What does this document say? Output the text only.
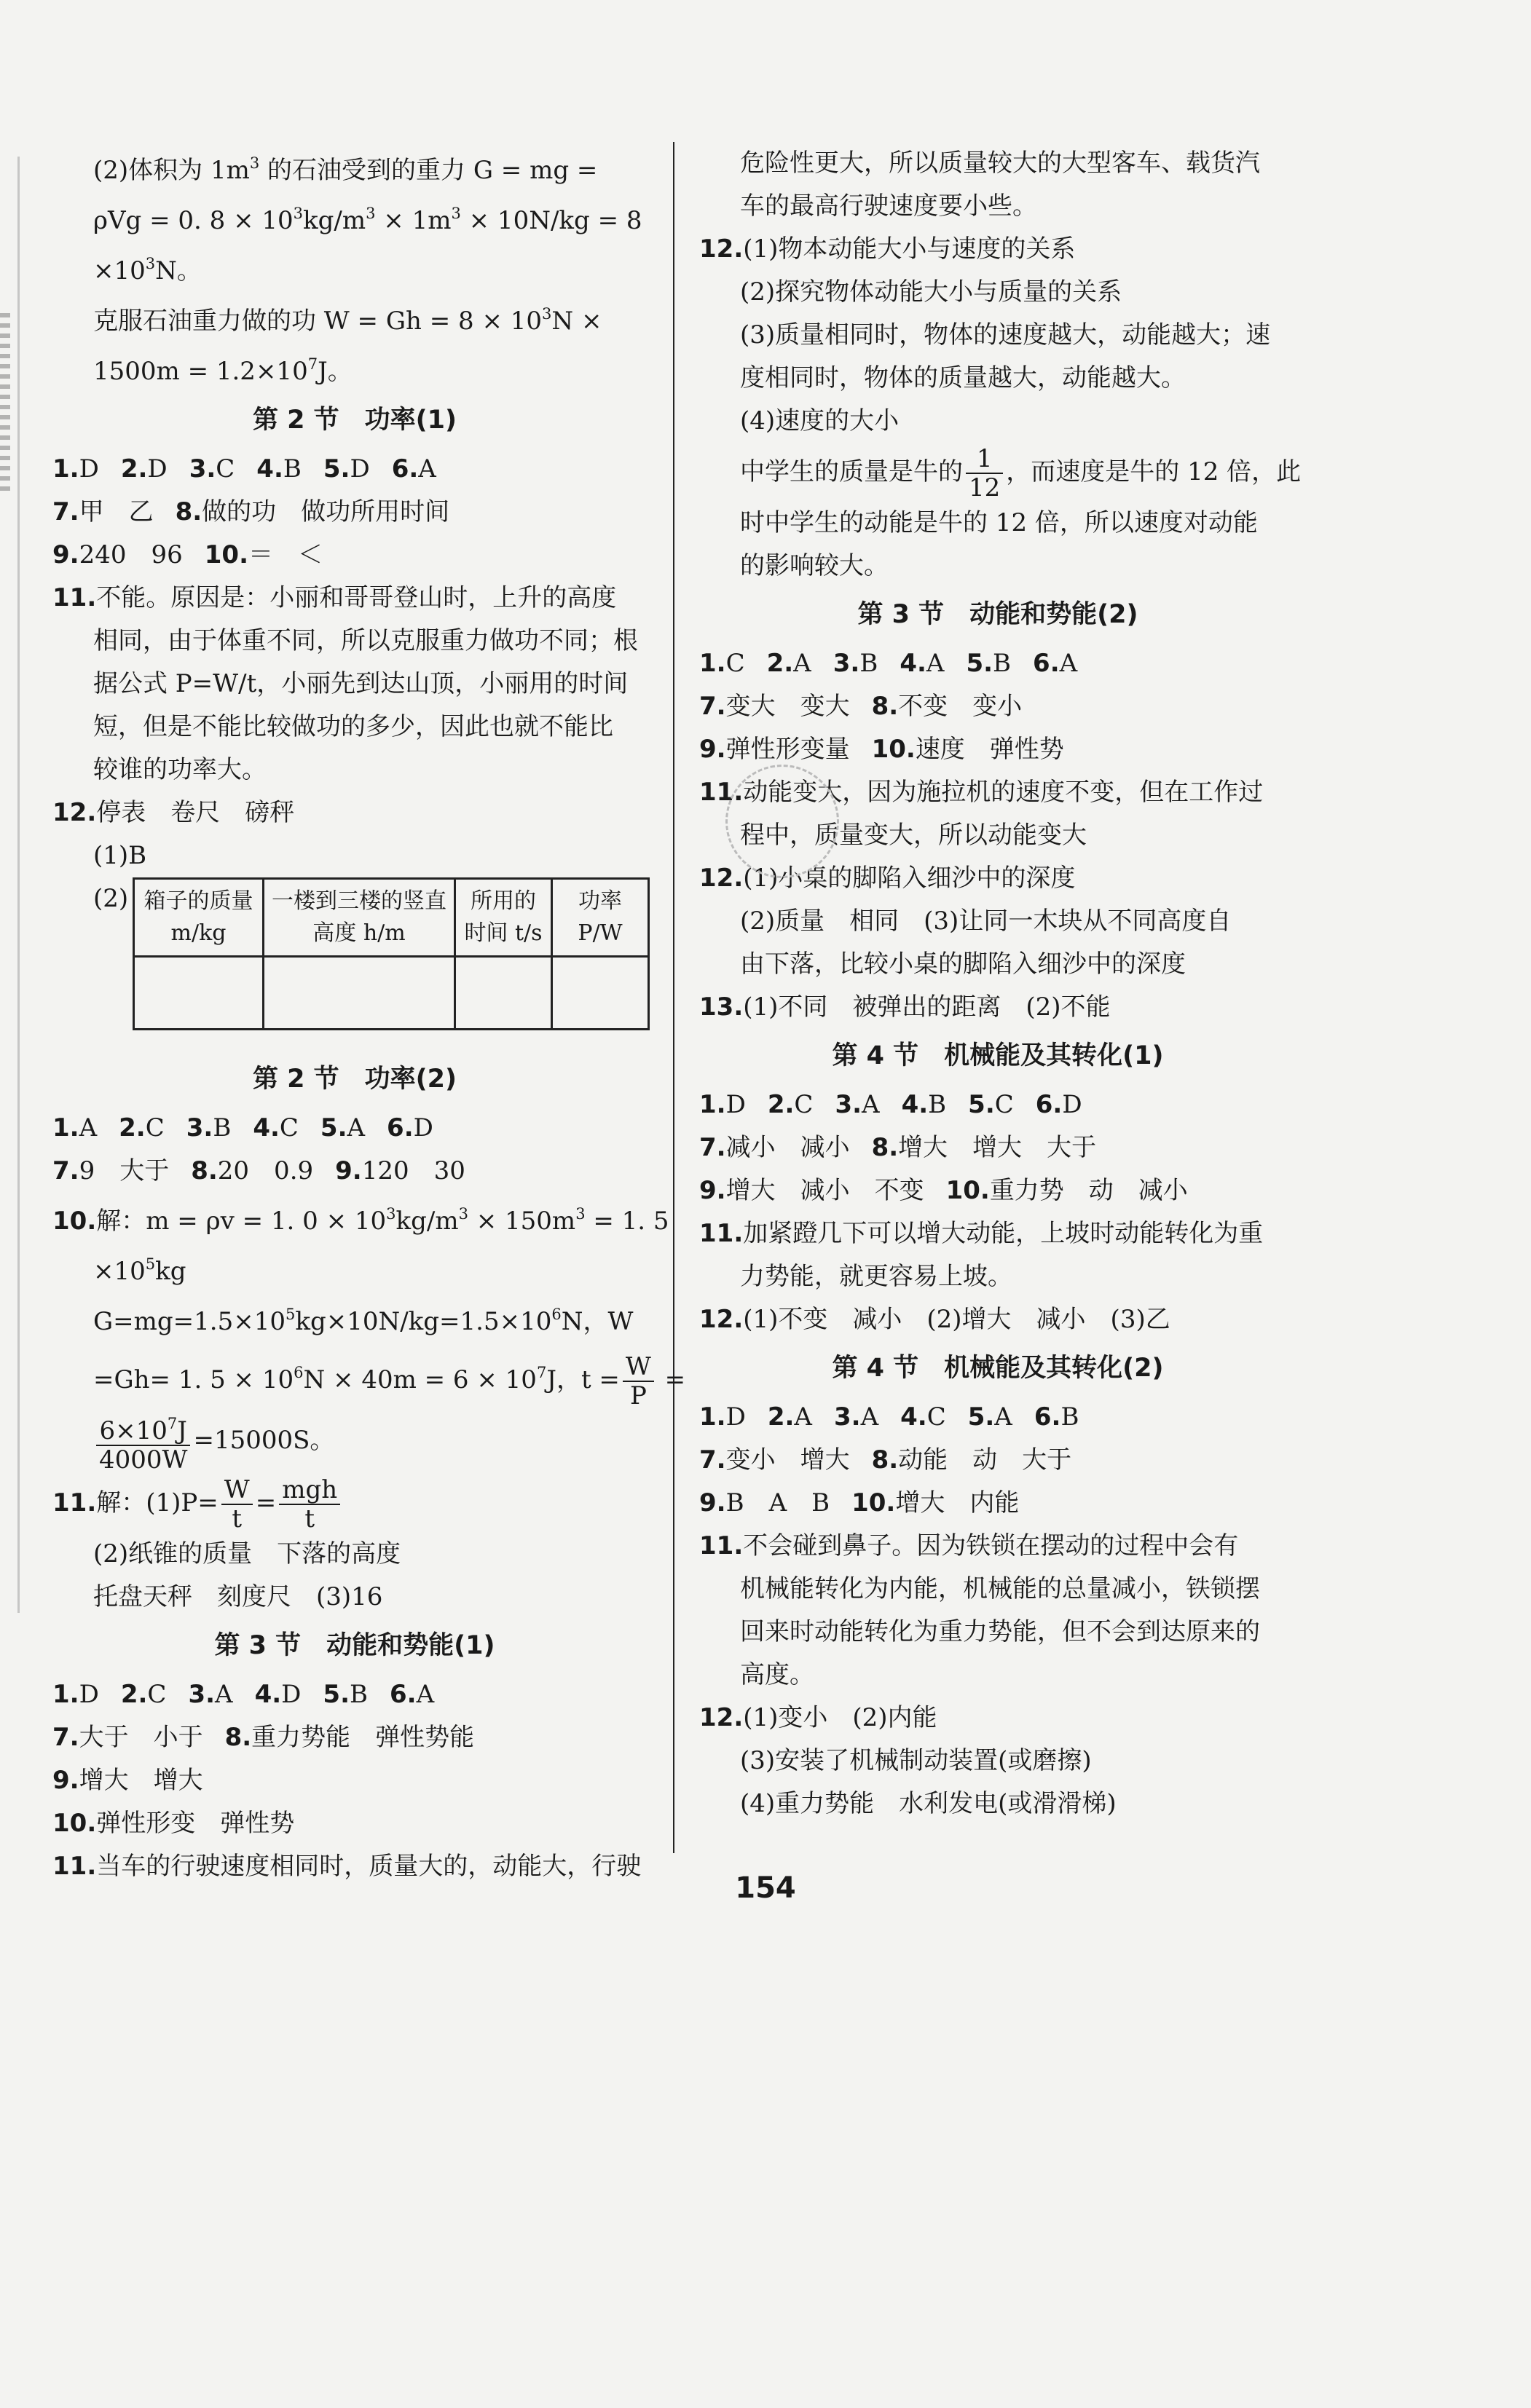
(2)体积为 $1m^3$ 的石油受到的重力 G = mg =
ρVg = 0. $8 \times 10^3kg/m^3 \times 1m^3 \times 10N/kg = 8$
$\times 10^3N$。
克服石油重力做的功 $W = Gh = 8 \times 10^3N$ ×
$1500m = 1.2\times 10^7J$。
第 2 节　功率(1)
1.D 2.D 3.C 4.B 5.D 6.A
7.甲　乙 8.做的功　做功所用时间
9.240　96 10.＝　＜
11.不能。原因是：小丽和哥哥登山时，上升的高度
相同，由于体重不同，所以克服重力做功不同；根
据公式 P=W/t，小丽先到达山顶，小丽用的时间
短，但是不能比较做功的多少，因此也就不能比
较谁的功率大。
12.停表　卷尺　磅秤
(1)B
(2) 箱子的质量 m/kg	一楼到三楼的竖直高度 h/m	所用的时间 t/s	功率 P/W

第 2 节　功率(2)
1.A 2.C 3.B 4.C 5.A 6.D
7.9　大于 8.20　0.9 9.120　30
10.解：m = ρv = 1. $0 \times 10^3kg/m^3 \times 150m^3 = 1$. 5
$\times 10^5kg$
$G=mg=1.5\times 10^5kg\times 10N/kg=1.5\times 10^6N$，W
=Gh= 1. $5 \times 10^6N \times 40m = 6 \times 10^7J$，$t = \frac{W}{P}$ =
$\frac{6\times 10^7J}{4000W} =15000S$。
11.解：$(1)P= \frac{W}{t} = \frac{\text{mgh}}{t}$
(2)纸锥的质量　下落的高度
托盘天秤　刻度尺　(3)16
第 3 节　动能和势能(1)
1.D 2.C 3.A 4.D 5.B 6.A
7.大于　小于 8.重力势能　弹性势能
9.增大　增大
10.弹性形变　弹性势
11.当车的行驶速度相同时，质量大的，动能大，行驶
危险性更大，所以质量较大的大型客车、载货汽
车的最高行驶速度要小些。
12.(1)物本动能大小与速度的关系
(2)探究物体动能大小与质量的关系
(3)质量相同时，物体的速度越大，动能越大；速
度相同时，物体的质量越大，动能越大。
(4)速度的大小
中学生的质量是牛的 $\frac{1}{12}$ ，而速度是牛的 12 倍，此
时中学生的动能是牛的 12 倍，所以速度对动能
的影响较大。
第 3 节　动能和势能(2)
1.C 2.A 3.B 4.A 5.B 6.A
7.变大　变大 8.不变　变小
9.弹性形变量 10.速度　弹性势
11.动能变大，因为施拉机的速度不变，但在工作过
程中，质量变大，所以动能变大
12.(1)小桌的脚陷入细沙中的深度
(2)质量　相同　(3)让同一木块从不同高度自
由下落，比较小桌的脚陷入细沙中的深度
13.(1)不同　被弹出的距离　(2)不能
第 4 节　机械能及其转化(1)
1.D 2.C 3.A 4.B 5.C 6.D
7.减小　减小 8.增大　增大　大于
9.增大　减小　不变 10.重力势　动　减小
11.加紧蹬几下可以增大动能，上坡时动能转化为重
力势能，就更容易上坡。
12.(1)不变　减小　(2)增大　减小　(3)乙
第 4 节　机械能及其转化(2)
1.D 2.A 3.A 4.C 5.A 6.B
7.变小　增大 8.动能　动　大于
9.B　A　B 10.增大　内能
11.不会碰到鼻子。因为铁锁在摆动的过程中会有
机械能转化为内能，机械能的总量减小，铁锁摆
回来时动能转化为重力势能，但不会到达原来的
高度。
12.(1)变小　(2)内能
(3)安装了机械制动装置(或磨擦)
(4)重力势能　水利发电(或滑滑梯)
154
